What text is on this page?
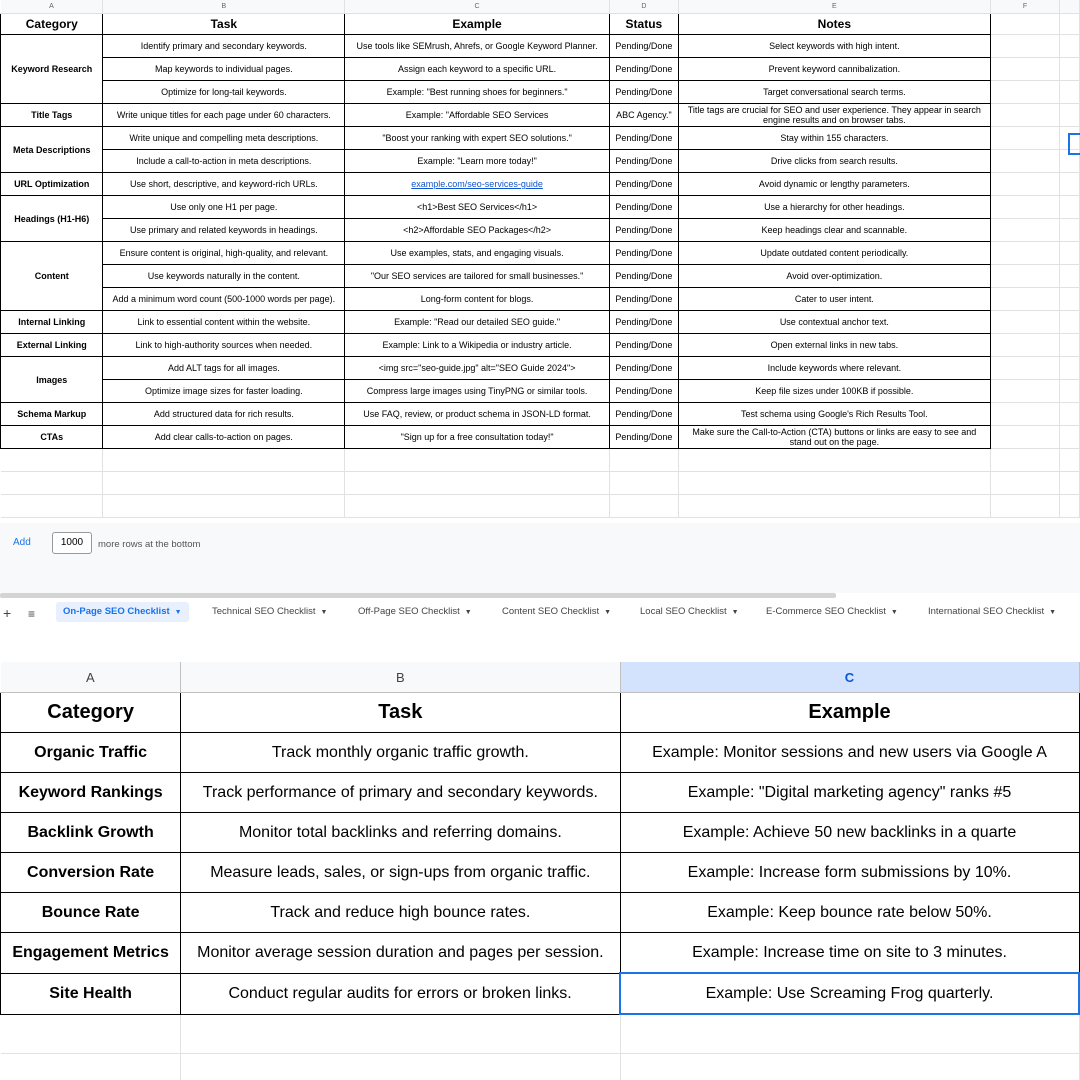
A	B	C	D	E	F	
Category	Task	Example	Status	Notes		
Keyword Research	Identify primary and secondary keywords.	Use tools like SEMrush, Ahrefs, or Google Keyword Planner.	Pending/Done	Select keywords with high intent.		
	Map keywords to individual pages.	Assign each keyword to a specific URL.	Pending/Done	Prevent keyword cannibalization.		
	Optimize for long-tail keywords.	Example: "Best running shoes for beginners."	Pending/Done	Target conversational search terms.		
Title Tags	Write unique titles for each page under 60 characters.	Example: "Affordable SEO Services	ABC Agency."	Title tags are crucial for SEO and user experience. They appear in search engine results and on browser tabs.		
Meta Descriptions	Write unique and compelling meta descriptions.	"Boost your ranking with expert SEO solutions."	Pending/Done	Stay within 155 characters.		
	Include a call-to-action in meta descriptions.	Example: "Learn more today!"	Pending/Done	Drive clicks from search results.		
URL Optimization	Use short, descriptive, and keyword-rich URLs.	example.com/seo-services-guide	Pending/Done	Avoid dynamic or lengthy parameters.		
Headings (H1-H6)	Use only one H1 per page.	<h1>Best SEO Services</h1>	Pending/Done	Use a hierarchy for other headings.		
	Use primary and related keywords in headings.	<h2>Affordable SEO Packages</h2>	Pending/Done	Keep headings clear and scannable.		
Content	Ensure content is original, high-quality, and relevant.	Use examples, stats, and engaging visuals.	Pending/Done	Update outdated content periodically.		
	Use keywords naturally in the content.	"Our SEO services are tailored for small businesses."	Pending/Done	Avoid over-optimization.		
	Add a minimum word count (500-1000 words per page).	Long-form content for blogs.	Pending/Done	Cater to user intent.		
Internal Linking	Link to essential content within the website.	Example: "Read our detailed SEO guide."	Pending/Done	Use contextual anchor text.		
External Linking	Link to high-authority sources when needed.	Example: Link to a Wikipedia or industry article.	Pending/Done	Open external links in new tabs.		
Images	Add ALT tags for all images.	<img src="seo-guide.jpg" alt="SEO Guide 2024">	Pending/Done	Include keywords where relevant.		
	Optimize image sizes for faster loading.	Compress large images using TinyPNG or similar tools.	Pending/Done	Keep file sizes under 100KB if possible.		
Schema Markup	Add structured data for rich results.	Use FAQ, review, or product schema in JSON-LD format.	Pending/Done	Test schema using Google's Rich Results Tool.		
CTAs	Add clear calls-to-action on pages.	"Sign up for a free consultation today!"	Pending/Done	Make sure the Call-to-Action (CTA) buttons or links are easy to see and stand out on the page.		

Add	1000	more rows at the bottom
+ ≡	On-Page SEO Checklist ▼	Technical SEO Checklist ▼	Off-Page SEO Checklist ▼	Content SEO Checklist ▼	Local SEO Checklist ▼	E-Commerce SEO Checklist ▼	International SEO Checklist ▼
A	B	C
Category	Task	Example
Organic Traffic	Track monthly organic traffic growth.	Example: Monitor sessions and new users via Google A
Keyword Rankings	Track performance of primary and secondary keywords.	Example: "Digital marketing agency" ranks #5
Backlink Growth	Monitor total backlinks and referring domains.	Example: Achieve 50 new backlinks in a quarte
Conversion Rate	Measure leads, sales, or sign-ups from organic traffic.	Example: Increase form submissions by 10%.
Bounce Rate	Track and reduce high bounce rates.	Example: Keep bounce rate below 50%.
Engagement Metrics	Monitor average session duration and pages per session.	Example: Increase time on site to 3 minutes.
Site Health	Conduct regular audits for errors or broken links.	Example: Use Screaming Frog quarterly.
